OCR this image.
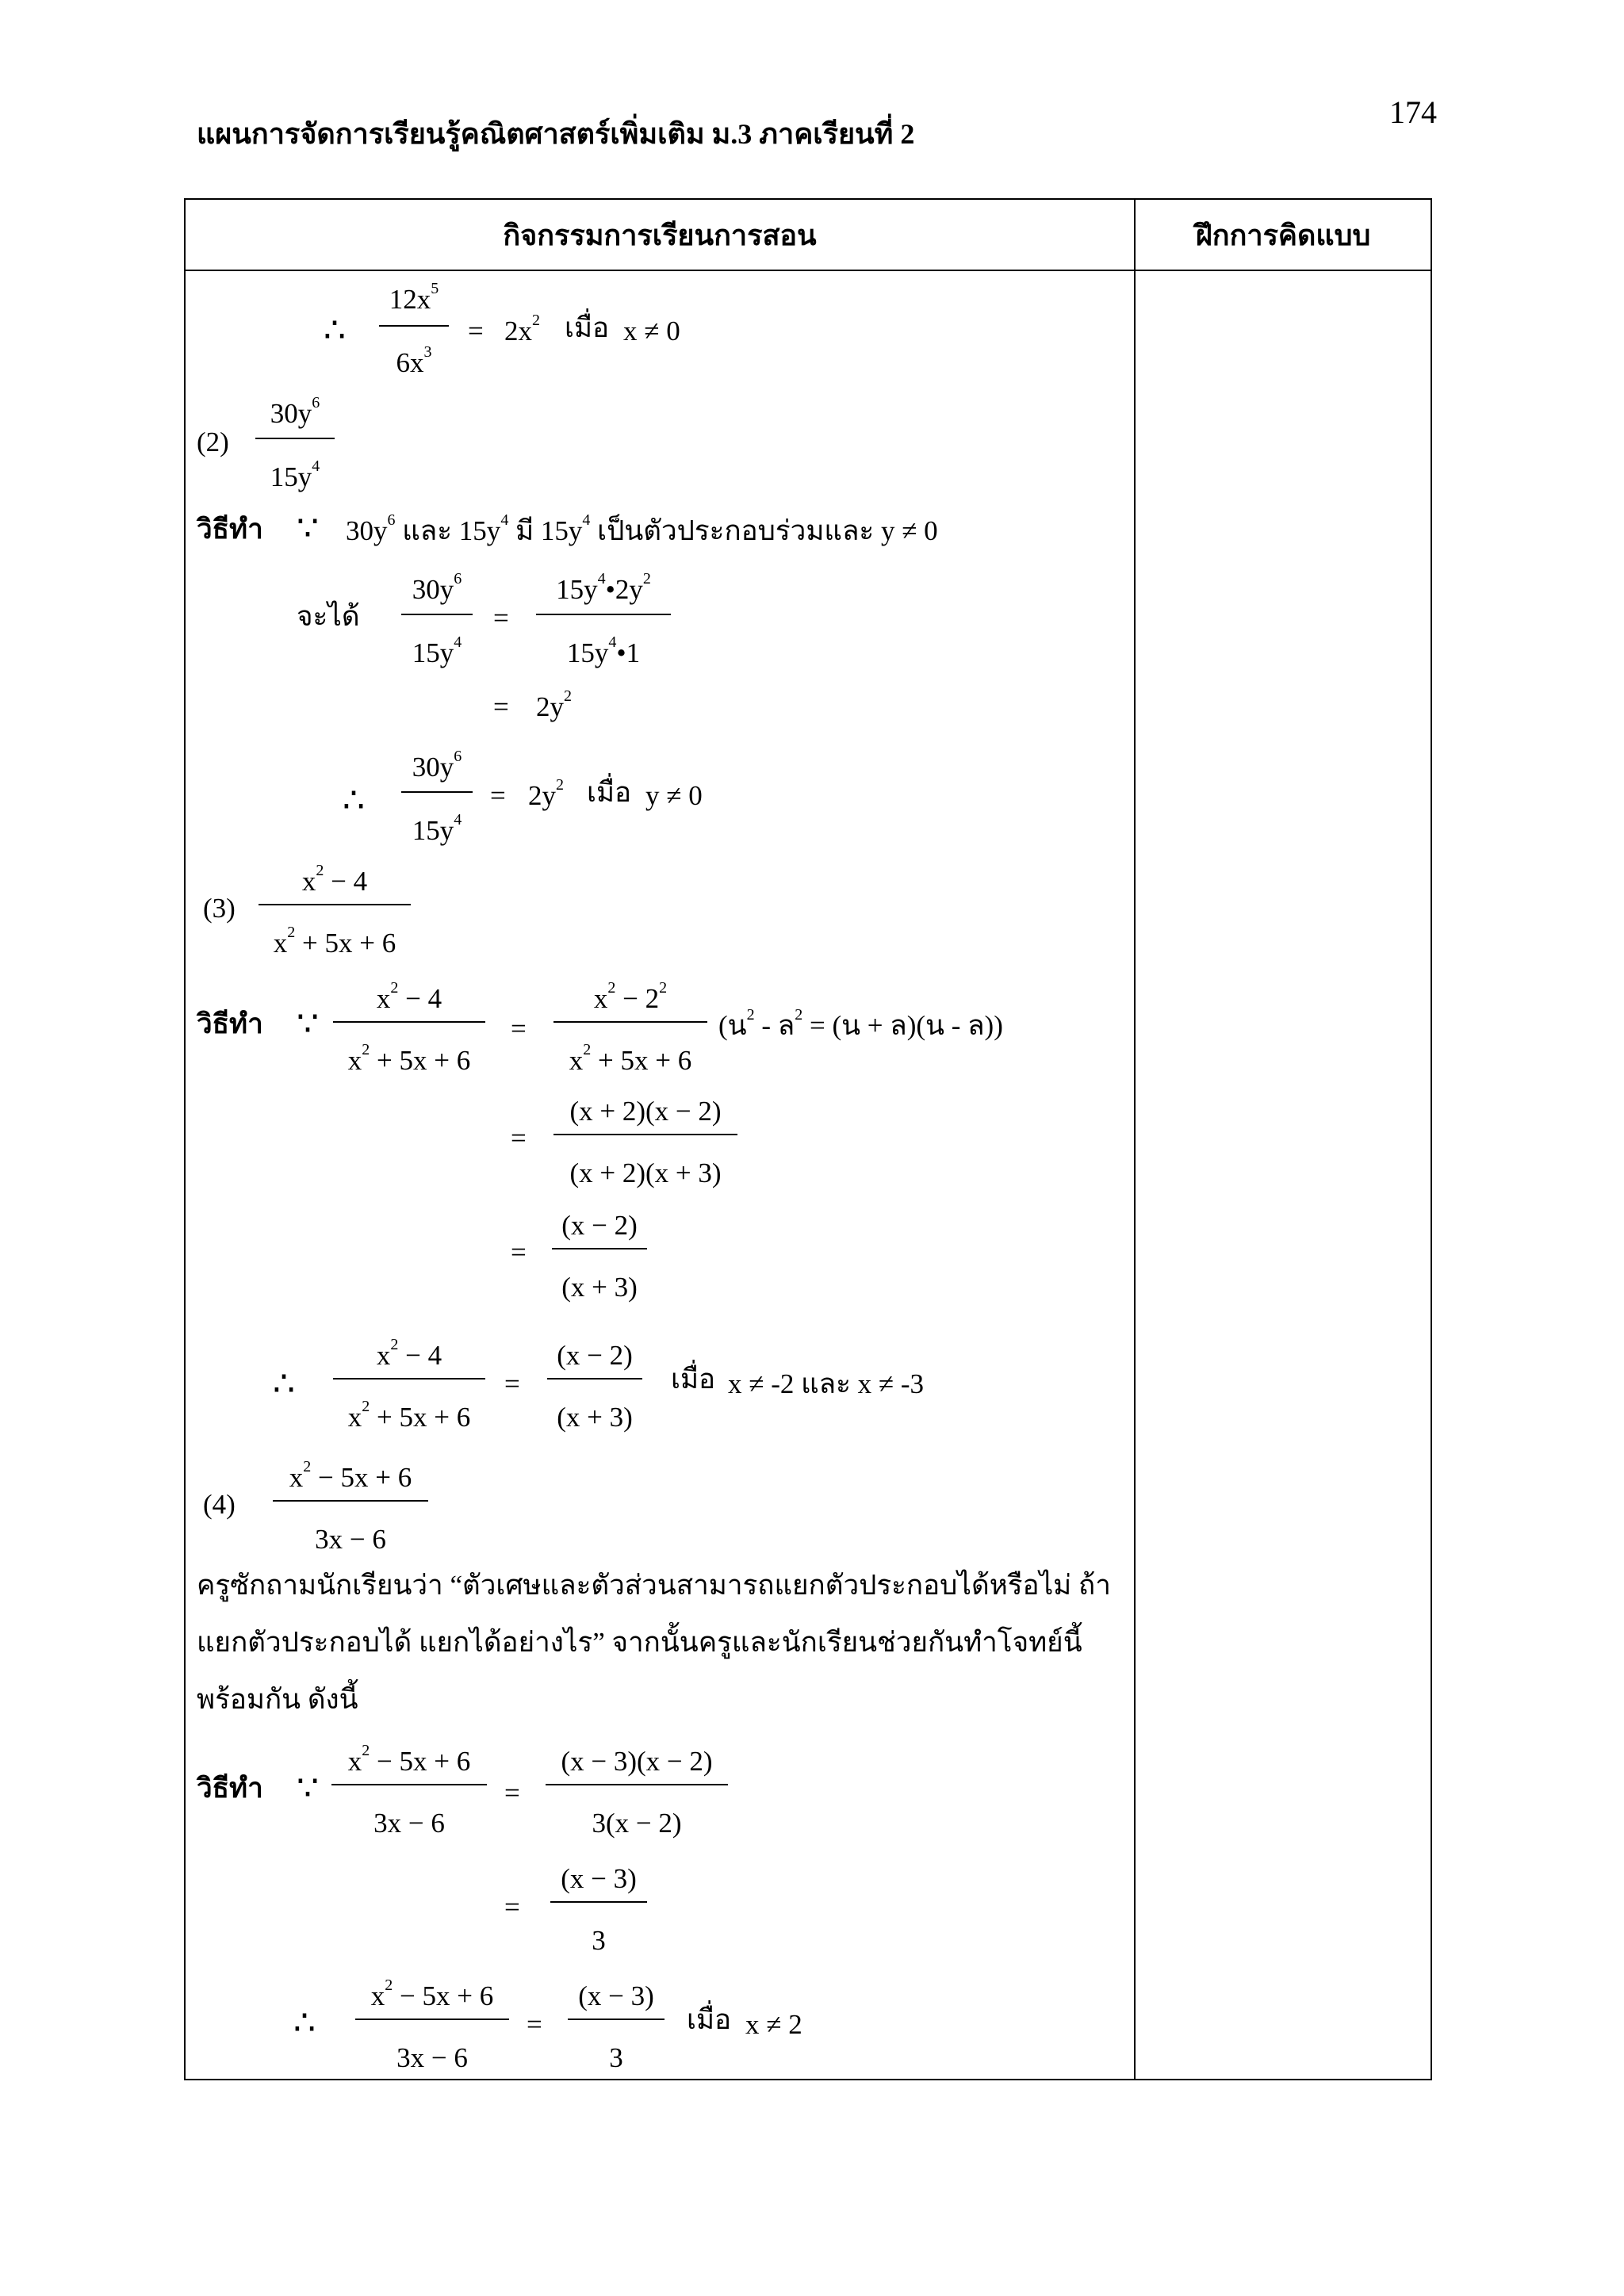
แผนการจัดการเรียนรู้คณิตศาสตร์เพิ่มเติม ม.3 ภาคเรียนที่ 2
174
กิจกรรมการเรียนการสอน	ฝึกการคิดแบบ
∴
$12x^5$
$6x^3$
= $2x^2$ เมื่อ x ≠ 0
(2)
$30y^6$
$15y^4$
วิธีทำ ∵ $30y^6$ และ $15y^4$ มี $15y^4$ เป็นตัวประกอบร่วมและ y ≠ 0
จะได้
$30y^6$
$15y^4$
=
$15y^4•2y^2$
$15y^4•1$
= $2y^2$
∴
$30y^6$
$15y^4$
= $2y^2$ เมื่อ y ≠ 0
(3)
$x^2 - 4$
$x^2 + 5x + 6$
วิธีทำ ∵
$x^2 - 4$
$x^2 + 5x + 6$
=
$x^2 - 2^2$
$x^2 + 5x + 6$
(น$^2$ - ล$^2$ = (น + ล)(น - ล))
=
(x + 2)(x − 2)
(x + 2)(x + 3)
=
(x − 2)
(x + 3)
∴
$x^2 - 4$
$x^2 + 5x + 6$
=
(x − 2)
(x + 3)
เมื่อ x ≠ -2 และ x ≠ -3
(4)
$x^2 - 5x + 6$
3x − 6
ครูซักถามนักเรียนว่า “ตัวเศษและตัวส่วนสามารถแยกตัวประกอบได้หรือไม่ ถ้า
แยกตัวประกอบได้ แยกได้อย่างไร” จากนั้นครูและนักเรียนช่วยกันทำโจทย์นี้
พร้อมกัน ดังนี้
วิธีทำ ∵
$x^2 - 5x + 6$
3x − 6
=
(x − 3)(x − 2)
3(x − 2)
=
(x − 3)
3
∴
$x^2 - 5x + 6$
3x − 6
=
(x − 3)
3
เมื่อ x ≠ 2
